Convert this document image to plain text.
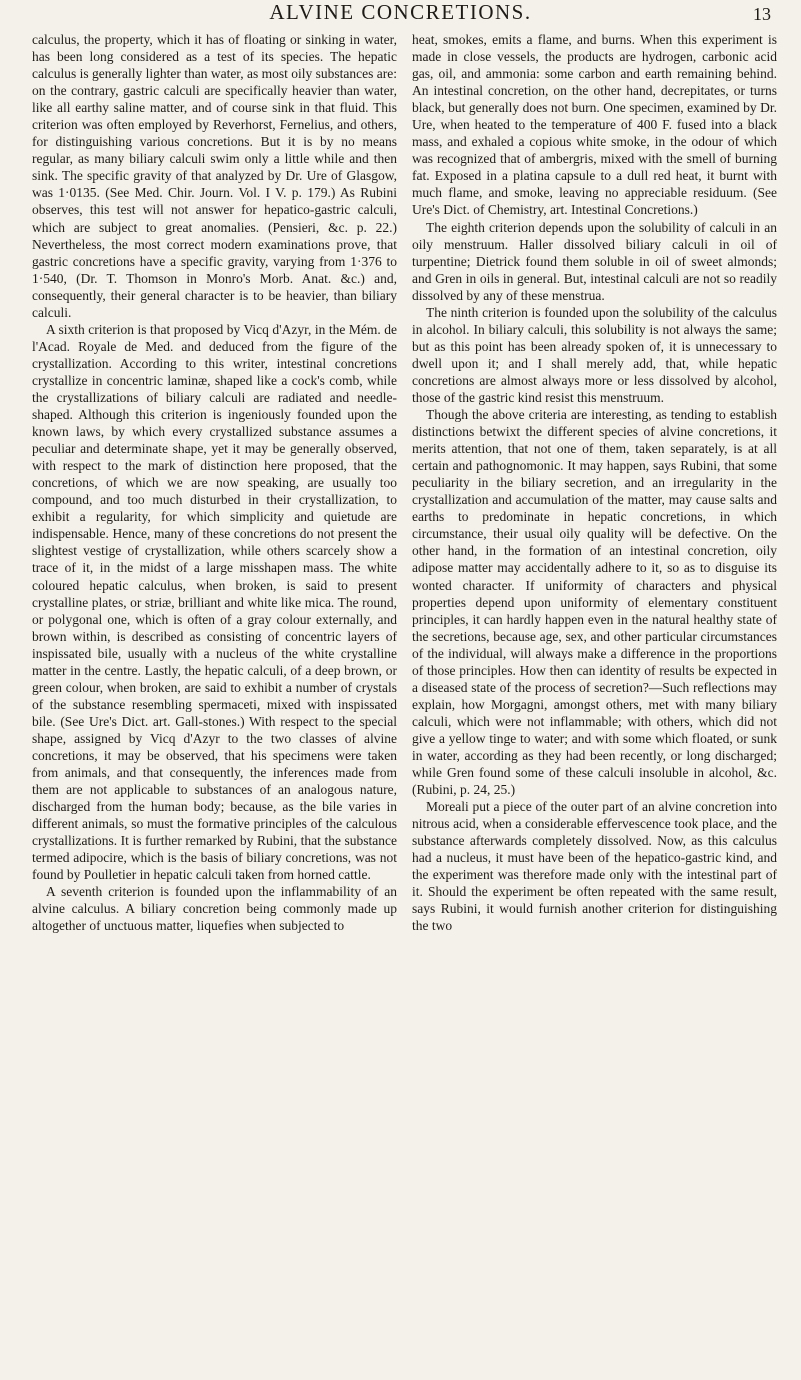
ALVINE CONCRETIONS.	13

calculus, the property, which it has of floating or sinking in water, has been long considered as a test of its species. The hepatic calculus is generally lighter than water, as most oily substances are: on the contrary, gastric calculi are specifically heavier than water, like all earthy saline matter, and of course sink in that fluid. This criterion was often employed by Reverhorst, Fernelius, and others, for distinguishing various concretions. But it is by no means regular, as many biliary calculi swim only a little while and then sink. The specific gravity of that analyzed by Dr. Ure of Glasgow, was 1·0135. (See Med. Chir. Journ. Vol. I V. p. 179.) As Rubini observes, this test will not answer for hepatico-gastric calculi, which are subject to great anomalies. (Pensieri, &c. p. 22.) Nevertheless, the most correct modern examinations prove, that gastric concretions have a specific gravity, varying from 1·376 to 1·540, (Dr. T. Thomson in Monro's Morb. Anat. &c.) and, consequently, their general character is to be heavier, than biliary calculi.

A sixth criterion is that proposed by Vicq d'Azyr, in the Mém. de l'Acad. Royale de Med. and deduced from the figure of the crystallization. According to this writer, intestinal concretions crystallize in concentric laminæ, shaped like a cock's comb, while the crystallizations of biliary calculi are radiated and needle-shaped. Although this criterion is ingeniously founded upon the known laws, by which every crystallized substance assumes a peculiar and determinate shape, yet it may be generally observed, with respect to the mark of distinction here proposed, that the concretions, of which we are now speaking, are usually too compound, and too much disturbed in their crystallization, to exhibit a regularity, for which simplicity and quietude are indispensable. Hence, many of these concretions do not present the slightest vestige of crystallization, while others scarcely show a trace of it, in the midst of a large misshapen mass. The white coloured hepatic calculus, when broken, is said to present crystalline plates, or striæ, brilliant and white like mica. The round, or polygonal one, which is often of a gray colour externally, and brown within, is described as consisting of concentric layers of inspissated bile, usually with a nucleus of the white crystalline matter in the centre. Lastly, the hepatic calculi, of a deep brown, or green colour, when broken, are said to exhibit a number of crystals of the substance resembling spermaceti, mixed with inspissated bile. (See Ure's Dict. art. Gall-stones.) With respect to the special shape, assigned by Vicq d'Azyr to the two classes of alvine concretions, it may be observed, that his specimens were taken from animals, and that consequently, the inferences made from them are not applicable to substances of an analogous nature, discharged from the human body; because, as the bile varies in different animals, so must the formative principles of the calculous crystallizations. It is further remarked by Rubini, that the substance termed adipocire, which is the basis of biliary concretions, was not found by Poulletier in hepatic calculi taken from horned cattle.

A seventh criterion is founded upon the inflammability of an alvine calculus. A biliary concretion being commonly made up altogether of unctuous matter, liquefies when subjected to

heat, smokes, emits a flame, and burns. When this experiment is made in close vessels, the products are hydrogen, carbonic acid gas, oil, and ammonia: some carbon and earth remaining behind. An intestinal concretion, on the other hand, decrepitates, or turns black, but generally does not burn. One specimen, examined by Dr. Ure, when heated to the temperature of 400 F. fused into a black mass, and exhaled a copious white smoke, in the odour of which was recognized that of ambergris, mixed with the smell of burning fat. Exposed in a platina capsule to a dull red heat, it burnt with much flame, and smoke, leaving no appreciable residuum. (See Ure's Dict. of Chemistry, art. Intestinal Concretions.)

The eighth criterion depends upon the solubility of calculi in an oily menstruum. Haller dissolved biliary calculi in oil of turpentine; Dietrick found them soluble in oil of sweet almonds; and Gren in oils in general. But, intestinal calculi are not so readily dissolved by any of these menstrua.

The ninth criterion is founded upon the solubility of the calculus in alcohol. In biliary calculi, this solubility is not always the same; but as this point has been already spoken of, it is unnecessary to dwell upon it; and I shall merely add, that, while hepatic concretions are almost always more or less dissolved by alcohol, those of the gastric kind resist this menstruum.

Though the above criteria are interesting, as tending to establish distinctions betwixt the different species of alvine concretions, it merits attention, that not one of them, taken separately, is at all certain and pathognomonic. It may happen, says Rubini, that some peculiarity in the biliary secretion, and an irregularity in the crystallization and accumulation of the matter, may cause salts and earths to predominate in hepatic concretions, in which circumstance, their usual oily quality will be defective. On the other hand, in the formation of an intestinal concretion, oily adipose matter may accidentally adhere to it, so as to disguise its wonted character. If uniformity of characters and physical properties depend upon uniformity of elementary constituent principles, it can hardly happen even in the natural healthy state of the secretions, because age, sex, and other particular circumstances of the individual, will always make a difference in the proportions of those principles. How then can identity of results be expected in a diseased state of the process of secretion?—Such reflections may explain, how Morgagni, amongst others, met with many biliary calculi, which were not inflammable; with others, which did not give a yellow tinge to water; and with some which floated, or sunk in water, according as they had been recently, or long discharged; while Gren found some of these calculi insoluble in alcohol, &c. (Rubini, p. 24, 25.)

Moreali put a piece of the outer part of an alvine concretion into nitrous acid, when a considerable effervescence took place, and the substance afterwards completely dissolved. Now, as this calculus had a nucleus, it must have been of the hepatico-gastric kind, and the experiment was therefore made only with the intestinal part of it. Should the experiment be often repeated with the same result, says Rubini, it would furnish another criterion for distinguishing the two
